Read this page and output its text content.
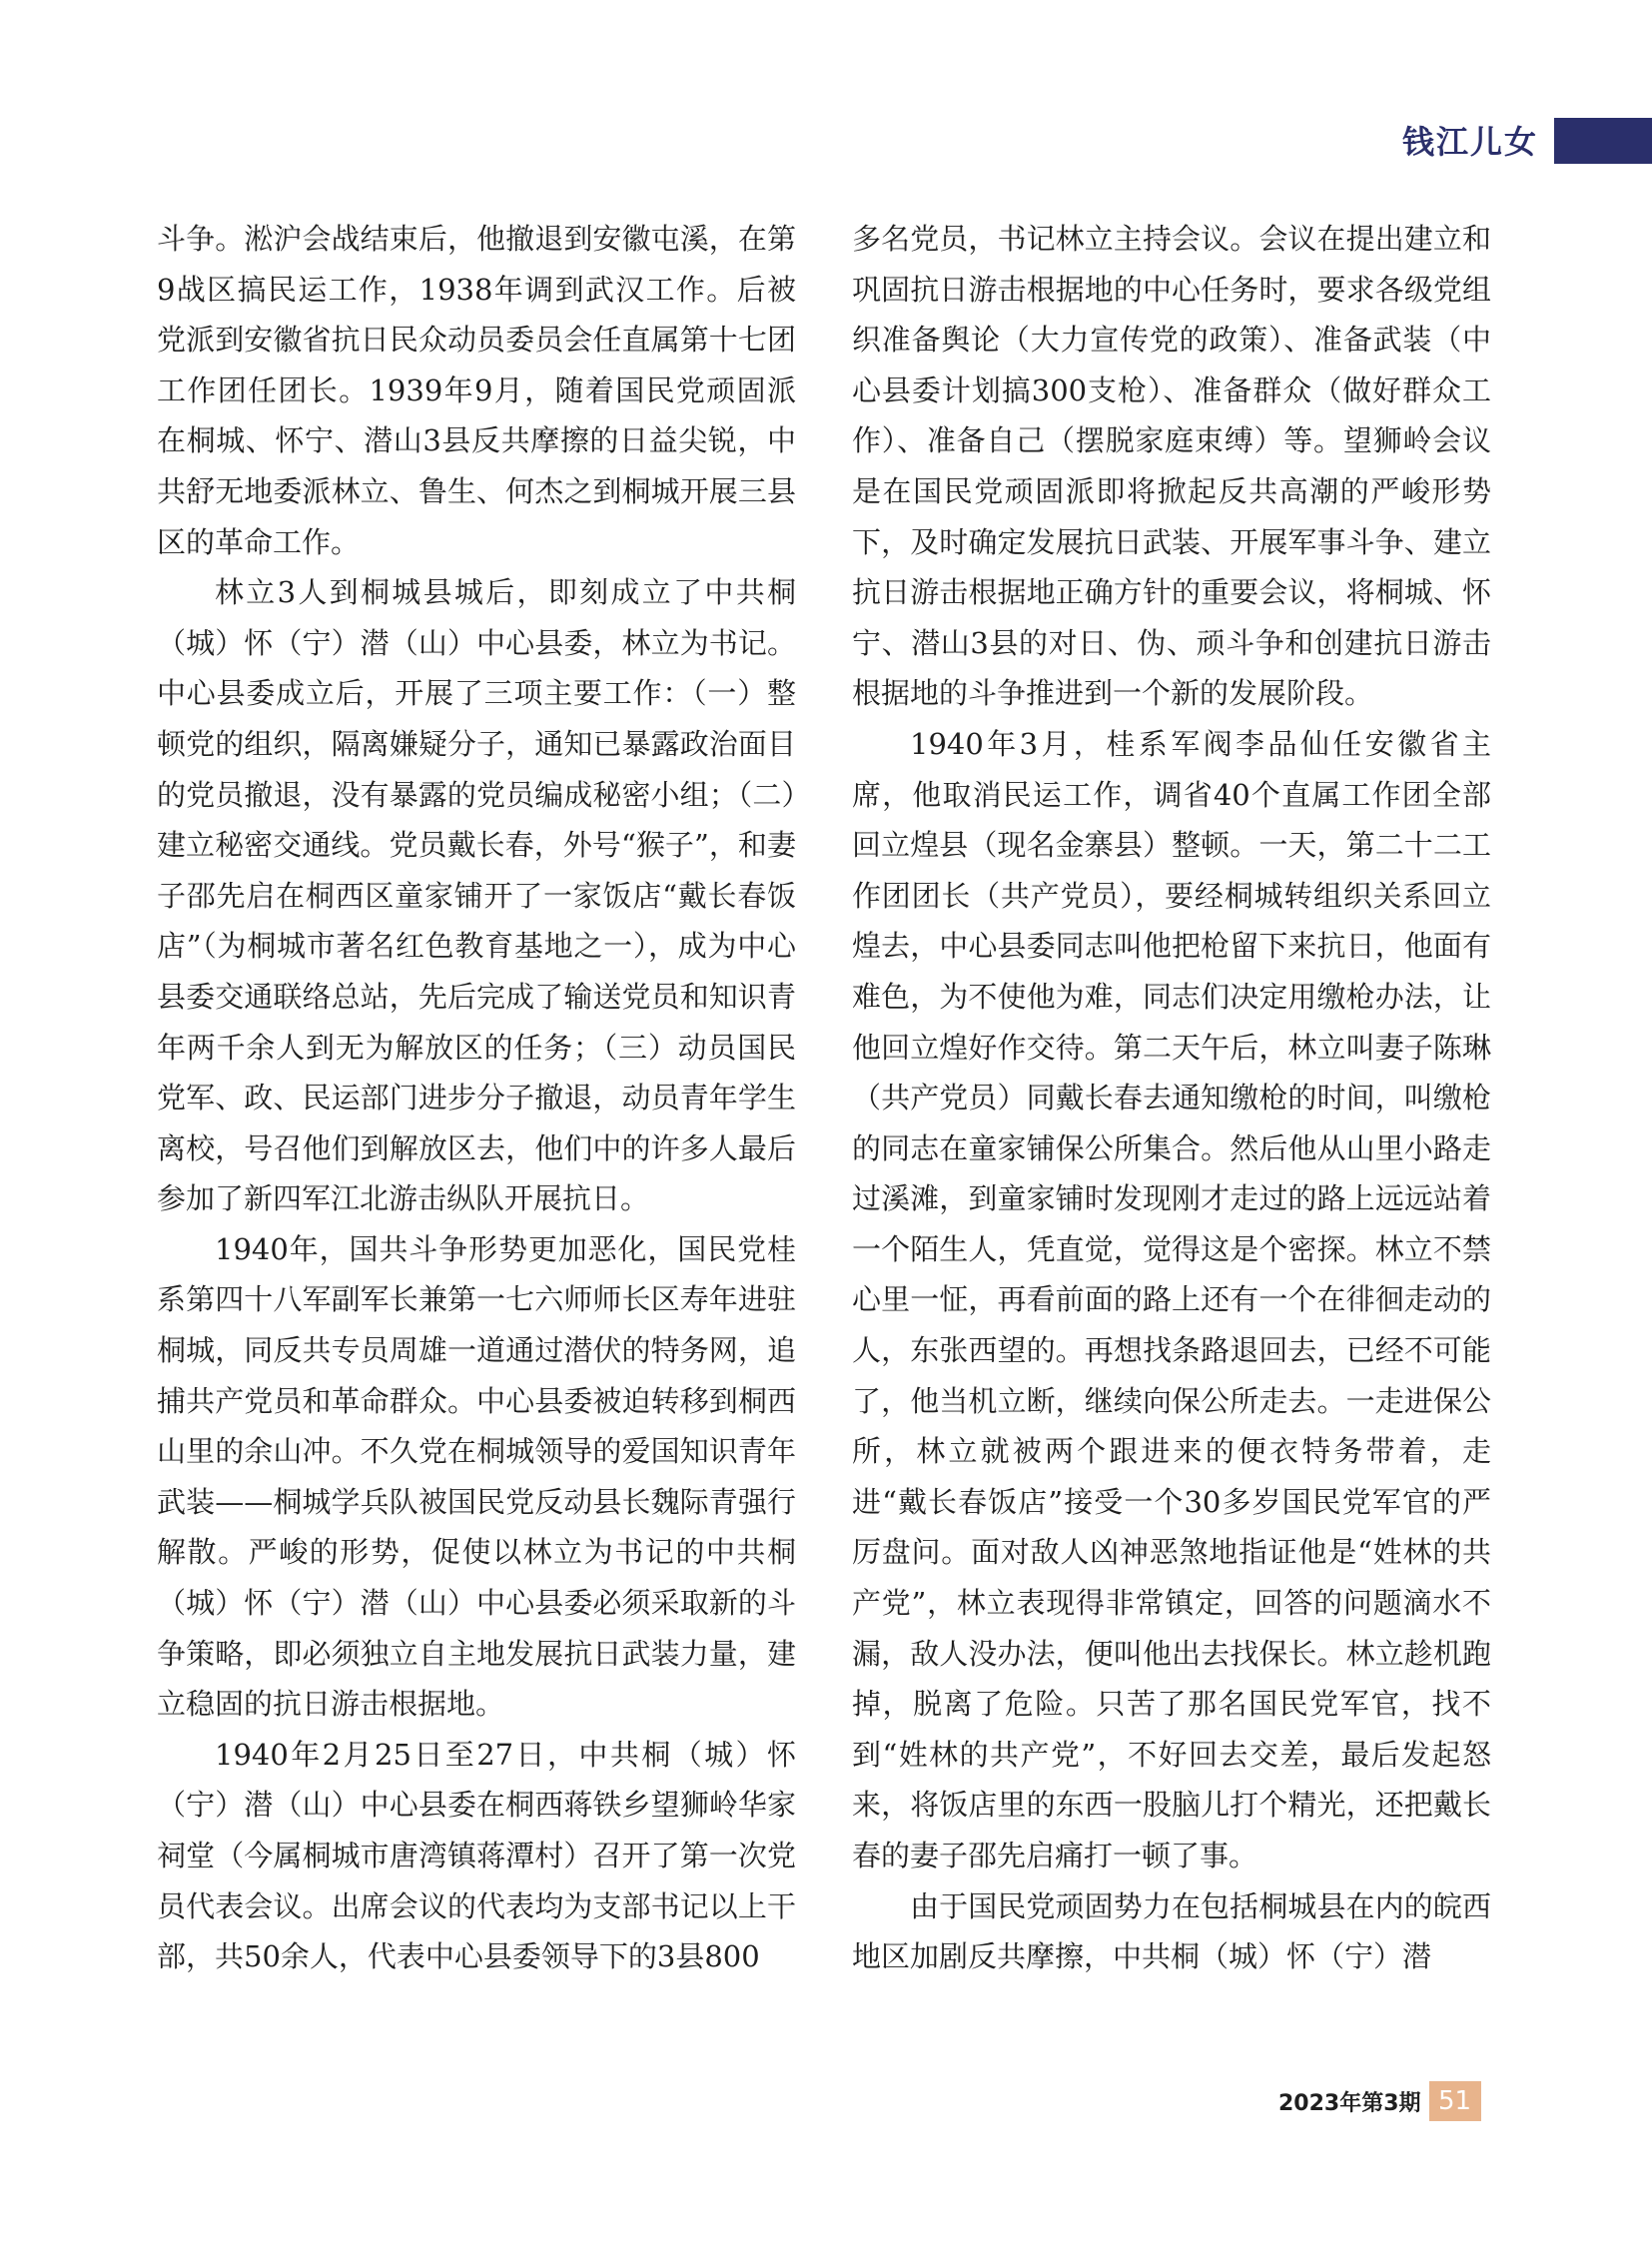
钱江儿女

斗争。淞沪会战结束后，他撤退到安徽屯溪，在第9战区搞民运工作，1938年调到武汉工作。后被党派到安徽省抗日民众动员委员会任直属第十七团工作团任团长。1939年9月，随着国民党顽固派在桐城、怀宁、潜山3县反共摩擦的日益尖锐，中共舒无地委派林立、鲁生、何杰之到桐城开展三县区的革命工作。

林立3人到桐城县城后，即刻成立了中共桐（城）怀（宁）潜（山）中心县委，林立为书记。中心县委成立后，开展了三项主要工作：（一）整顿党的组织，隔离嫌疑分子，通知已暴露政治面目的党员撤退，没有暴露的党员编成秘密小组；（二）建立秘密交通线。党员戴长春，外号“猴子”，和妻子邵先启在桐西区童家铺开了一家饭店“戴长春饭店”（为桐城市著名红色教育基地之一），成为中心县委交通联络总站，先后完成了输送党员和知识青年两千余人到无为解放区的任务；（三）动员国民党军、政、民运部门进步分子撤退，动员青年学生离校，号召他们到解放区去，他们中的许多人最后参加了新四军江北游击纵队开展抗日。

1940年，国共斗争形势更加恶化，国民党桂系第四十八军副军长兼第一七六师师长区寿年进驻桐城，同反共专员周雄一道通过潜伏的特务网，追捕共产党员和革命群众。中心县委被迫转移到桐西山里的余山冲。不久党在桐城领导的爱国知识青年武装——桐城学兵队被国民党反动县长魏际青强行解散。严峻的形势，促使以林立为书记的中共桐（城）怀（宁）潜（山）中心县委必须采取新的斗争策略，即必须独立自主地发展抗日武装力量，建立稳固的抗日游击根据地。

1940年2月25日至27日，中共桐（城）怀（宁）潜（山）中心县委在桐西蒋铁乡望狮岭华家祠堂（今属桐城市唐湾镇蒋潭村）召开了第一次党员代表会议。出席会议的代表均为支部书记以上干部，共50余人，代表中心县委领导下的3县800

多名党员，书记林立主持会议。会议在提出建立和巩固抗日游击根据地的中心任务时，要求各级党组织准备舆论（大力宣传党的政策）、准备武装（中心县委计划搞300支枪）、准备群众（做好群众工作）、准备自己（摆脱家庭束缚）等。望狮岭会议是在国民党顽固派即将掀起反共高潮的严峻形势下，及时确定发展抗日武装、开展军事斗争、建立抗日游击根据地正确方针的重要会议，将桐城、怀宁、潜山3县的对日、伪、顽斗争和创建抗日游击根据地的斗争推进到一个新的发展阶段。

1940年3月，桂系军阀李品仙任安徽省主席，他取消民运工作，调省40个直属工作团全部回立煌县（现名金寨县）整顿。一天，第二十二工作团团长（共产党员），要经桐城转组织关系回立煌去，中心县委同志叫他把枪留下来抗日，他面有难色，为不使他为难，同志们决定用缴枪办法，让他回立煌好作交待。第二天午后，林立叫妻子陈琳（共产党员）同戴长春去通知缴枪的时间，叫缴枪的同志在童家铺保公所集合。然后他从山里小路走过溪滩，到童家铺时发现刚才走过的路上远远站着一个陌生人，凭直觉，觉得这是个密探。林立不禁心里一怔，再看前面的路上还有一个在徘徊走动的人，东张西望的。再想找条路退回去，已经不可能了，他当机立断，继续向保公所走去。一走进保公所，林立就被两个跟进来的便衣特务带着，走进“戴长春饭店”接受一个30多岁国民党军官的严厉盘问。面对敌人凶神恶煞地指证他是“姓林的共产党”，林立表现得非常镇定，回答的问题滴水不漏，敌人没办法，便叫他出去找保长。林立趁机跑掉，脱离了危险。只苦了那名国民党军官，找不到“姓林的共产党”，不好回去交差，最后发起怒来，将饭店里的东西一股脑儿打个精光，还把戴长春的妻子邵先启痛打一顿了事。

由于国民党顽固势力在包括桐城县在内的皖西地区加剧反共摩擦，中共桐（城）怀（宁）潜

2023年第3期 51
